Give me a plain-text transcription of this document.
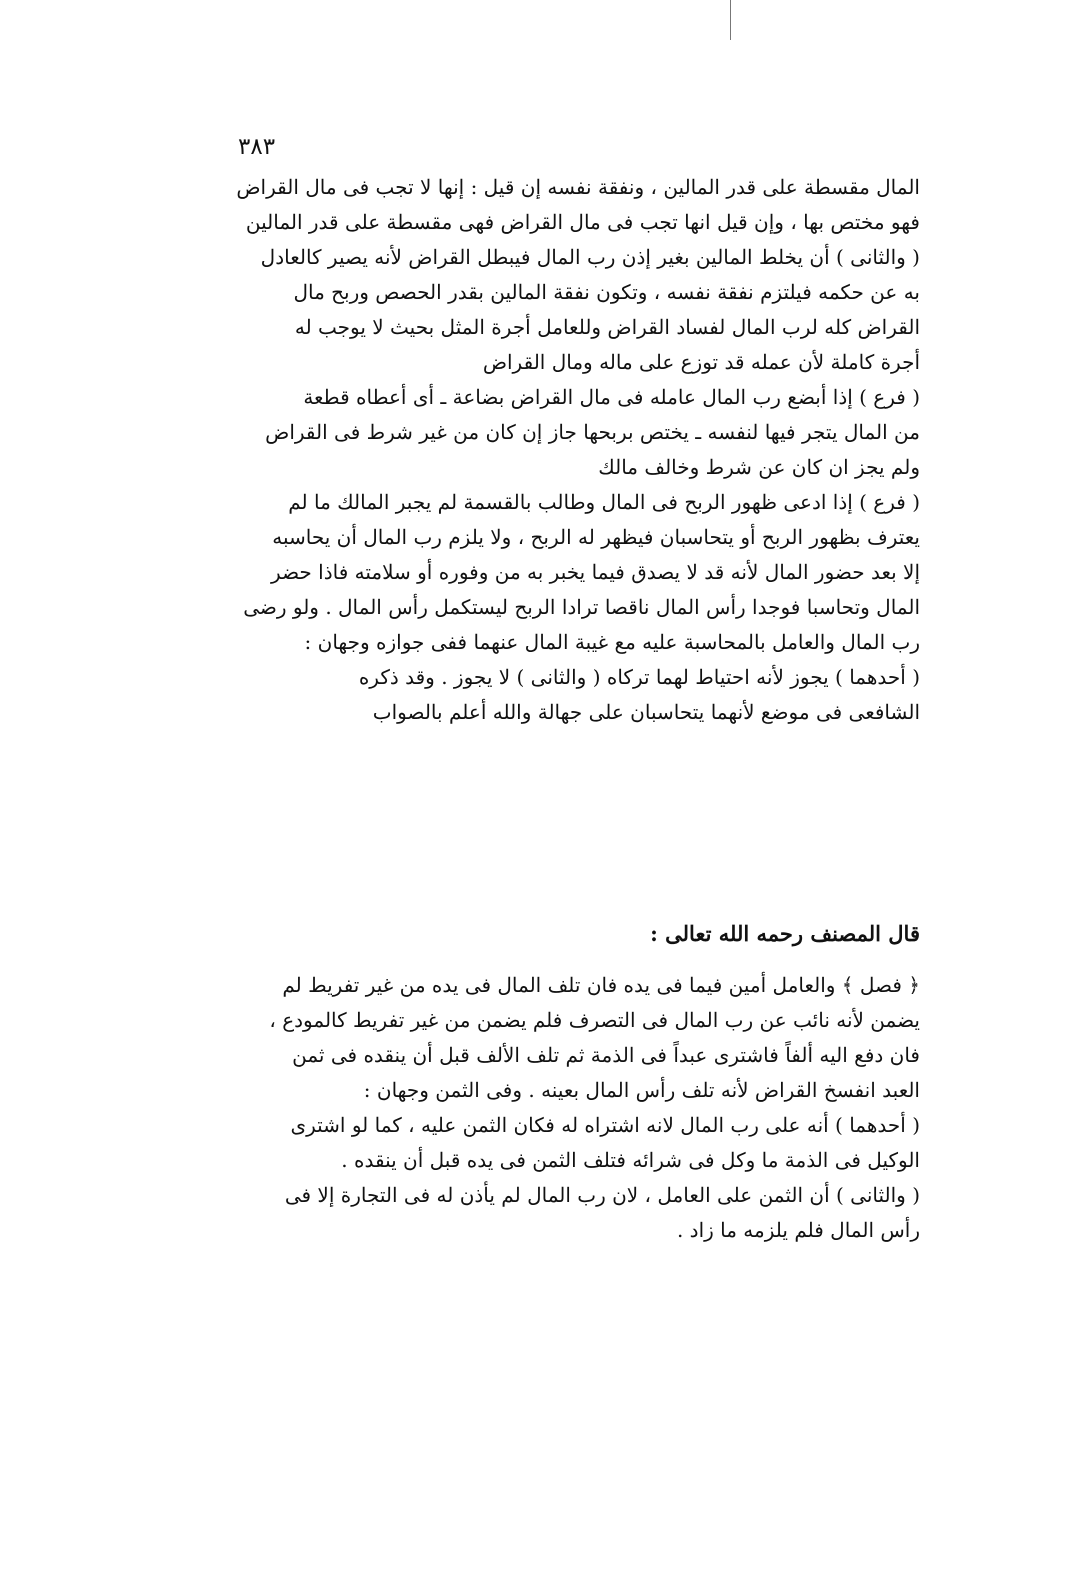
٣٨٣
المال مقسطة على قدر المالين ، ونفقة نفسه إن قيل : إنها لا تجب فى مال القراض
فهو مختص بها ، وإن قيل انها تجب فى مال القراض فهى مقسطة على قدر المالين
( والثانى ) أن يخلط المالين بغير إذن رب المال فيبطل القراض لأنه يصير كالعادل
به عن حكمه فيلتزم نفقة نفسه ، وتكون نفقة المالين بقدر الحصص وربح مال
القراض كله لرب المال لفساد القراض وللعامل أجرة المثل بحيث لا يوجب له
أجرة كاملة لأن عمله قد توزع على ماله ومال القراض
( فرع ) إذا أبضع رب المال عامله فى مال القراض بضاعة ـ أى أعطاه قطعة
من المال يتجر فيها لنفسه ـ يختص بربحها جاز إن كان من غير شرط فى القراض
ولم يجز ان كان عن شرط وخالف مالك
( فرع ) إذا ادعى ظهور الربح فى المال وطالب بالقسمة لم يجبر المالك ما لم
يعترف بظهور الربح أو يتحاسبان فيظهر له الربح ، ولا يلزم رب المال أن يحاسبه
إلا بعد حضور المال لأنه قد لا يصدق فيما يخبر به من وفوره أو سلامته فاذا حضر
المال وتحاسبا فوجدا رأس المال ناقصا ترادا الربح ليستكمل رأس المال . ولو رضى
رب المال والعامل بالمحاسبة عليه مع غيبة المال عنهما ففى جوازه وجهان :
( أحدهما ) يجوز لأنه احتياط لهما تركاه ( والثانى ) لا يجوز . وقد ذكره
الشافعى فى موضع لأنهما يتحاسبان على جهالة والله أعلم بالصواب
قال المصنف رحمه الله تعالى :
﴿ فصل ﴾ والعامل أمين فيما فى يده فان تلف المال فى يده من غير تفريط لم
يضمن لأنه نائب عن رب المال فى التصرف فلم يضمن من غير تفريط كالمودع ،
فان دفع اليه ألفاً فاشترى عبداً فى الذمة ثم تلف الألف قبل أن ينقده فى ثمن
العبد انفسخ القراض لأنه تلف رأس المال بعينه . وفى الثمن وجهان :
( أحدهما ) أنه على رب المال لانه اشتراه له فكان الثمن عليه ، كما لو اشترى
الوكيل فى الذمة ما وكل فى شرائه فتلف الثمن فى يده قبل أن ينقده .
( والثانى ) أن الثمن على العامل ، لان رب المال لم يأذن له فى التجارة إلا فى
رأس المال فلم يلزمه ما زاد .
